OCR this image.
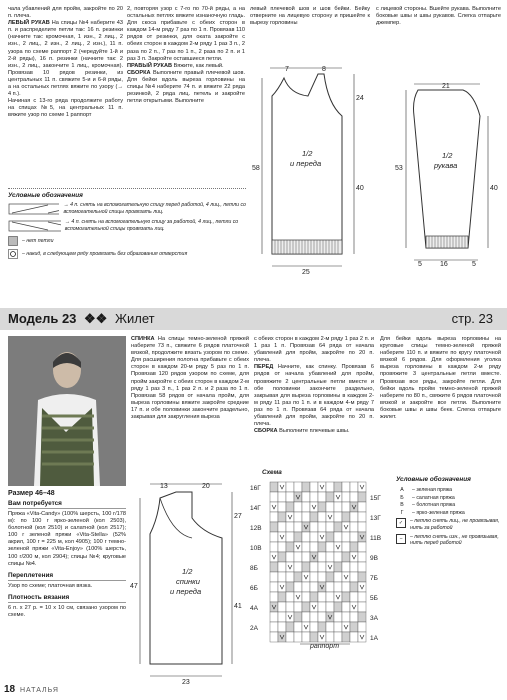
чала убавлений для пройм, закройте по 20 п. плеча.

ЛЕВЫЙ РУКАВ На спицы №4 наберите 43 п. и распределите петли так: 16 п. резинки (начните так: кромочная, 1 изн., 2 лиц., 2 изн., 2 лиц., 2 изн., 2 лиц., 2 изн.), 11 п. узора по схеме раппорт 2 (чередуйте 1-й и 2-й ряды), 16 п. резинки (начните так: 2 изн., 2 лиц., закончите 1 лиц., кромочная). Провязав 10 рядов резинки, из центральных 11 п. свяжите 5-и и 6-й ряды, а на остальных петлях вяжите по узору (→ 4 п.).

Начиная с 13-го ряда продолжите работу на спицах №5, на центральных 11 п. вяжите узор по схеме 1 раппорт

2, повторяя узор с 7-го по 70-й ряды, а на остальных петлях вяжите изнаночную гладь. Для скоса прибавьте с обеих сторон в каждом 14-м ряду 7 раз по 1 п. Провязав 110 рядов от резинки, для оката закройте с обеих сторон в каждом 2-м ряду 1 раз 3 п., 2 раза по 2 п., 7 раз по 1 п., 2 раза по 2 п. и 1 раз 3 п. Закройте оставшиеся петли.

ПРАВЫЙ РУКАВ Вяжите, как левый.

СБОРКА Выполните правый плечевой шов. Для бейки вдоль выреза горловины на спицы №4 наберите 74 п. и вяжите 22 ряда резинкой, 2 ряда лиц. петель и закройте петли открытыми. Выполните

левый плечевой шов и шов бейки. Бейку отверните на лицевую сторону и пришейте к вырезу горловины
с лицевой стороны. Вшейте рукава. Выполните боковые швы и швы рукавов. Слегка отпарьте джемпер.
Условные обозначения
→ 4 п. снять на вспомогательную спицу перед работой, 4 лиц., петли со вспомогательной спицы провязать лиц.
→ 4 п. снять на вспомогательную спицу за работой, 4 лиц., петли со вспомогательной спицы провязать лиц.
– нет петли
– накид, в следующем ряду провязать без образования отверстия
7	8
24
58
40
25
1/2
и переда
21
53
40
16
5	5
1/2
рукава
Модель 23 ❖❖ Жилет	стр. 23
Размер 46–48
Вам потребуется

Пряжа «Vita-Candy» (100% шерсть, 100 г/178 м): по 100 г ярко-зеленой (кол 2503), болотной (кол 2510) и салатной (кол 2517); 100 г зеленой пряжи «Vita-Stella» (52% акрил, 100 г = 225 м, кол 4905); 100 г темно-зеленой пряжи «Vita-Enjoy» (100% шерсть, 100 г/200 м, кол 2904); спицы №4; круговые спицы №4.

Переплетения

Узор по схеме; платочная вязка.

Плотность вязания

6 п. х 27 р. = 10 х 10 см, связано узором по схеме.

СПИНКА На спицы темно-зеленой пряжей наберите 73 п., свяжите 6 рядов платочной вязкой, продолжите вязать узором по схеме. Для расширения полотна прибавьте с обеих сторон в каждом 20-м ряду 5 раз по 1 п. Провязав 120 рядов узором по схеме, для пройм закройте с обеих сторон в каждом 2-м ряду 1 раз 3 п., 1 раз 2 п. и 2 раза по 1 п. Провязав 58 рядов от начала пройм, для выреза горловины вяжите закройте средние 17 п. и обе половинки закончите раздельно, закрывая для закругления выреза

с обеих сторон в каждом 2-м ряду 1 раз 2 п. и 1 раз 1 п. Провязав 64 ряда от начала убавлений для пройм, закройте по 20 п. плеча.

ПЕРЕД Начните, как спинку. Провязав 6 рядов от начала убавлений для пройм, провяжите 2 центральные петли вместе и обе половинки закончите раздельно, закрывая для выреза горловины в каждом 2-м ряду 11 раз по 1 п. и в каждом 4-м ряду 7 раз по 1 п. Провязав 64 ряда от начала убавлений для пройм, закройте по 20 п. плеча.

СБОРКА Выполните плечевые швы.

Для бейки вдоль выреза горловины на круговые спицы темно-зеленой пряжей наберите 110 п. и вяжите по кругу платочной вязкой 6 рядов. Для оформления уголка выреза горловины в каждом 2-м ряду провяжите 3 центральные петли вместе. Провязав все ряды, закройте петли. Для бейки вдоль пройм темно-зеленой пряжей наберите по 80 п., свяжите 6 рядов платочной вязкой и закройте все петли. Выполните боковые швы и швы беек. Слегка отпарьте жилет.

13	20
27
47
41
23
1/2
спинки
и переда
Схема
16Г
14Г
12В
10В
8Б
6Б
4А
2А
15Г
13Г
11В
9В
7Б
5Б
3А
1А
раппорт
Условные обозначения
А	– зеленая пряжа
Б	– салатная пряжа
В	– болотная пряжа
Г	– ярко-зеленая пряжа
✓	– петлю снять лиц., не провязывая, нить за работой
−	– петлю снять изн., не провязывая, нить перед работой
18 НАТАЛЬЯ
